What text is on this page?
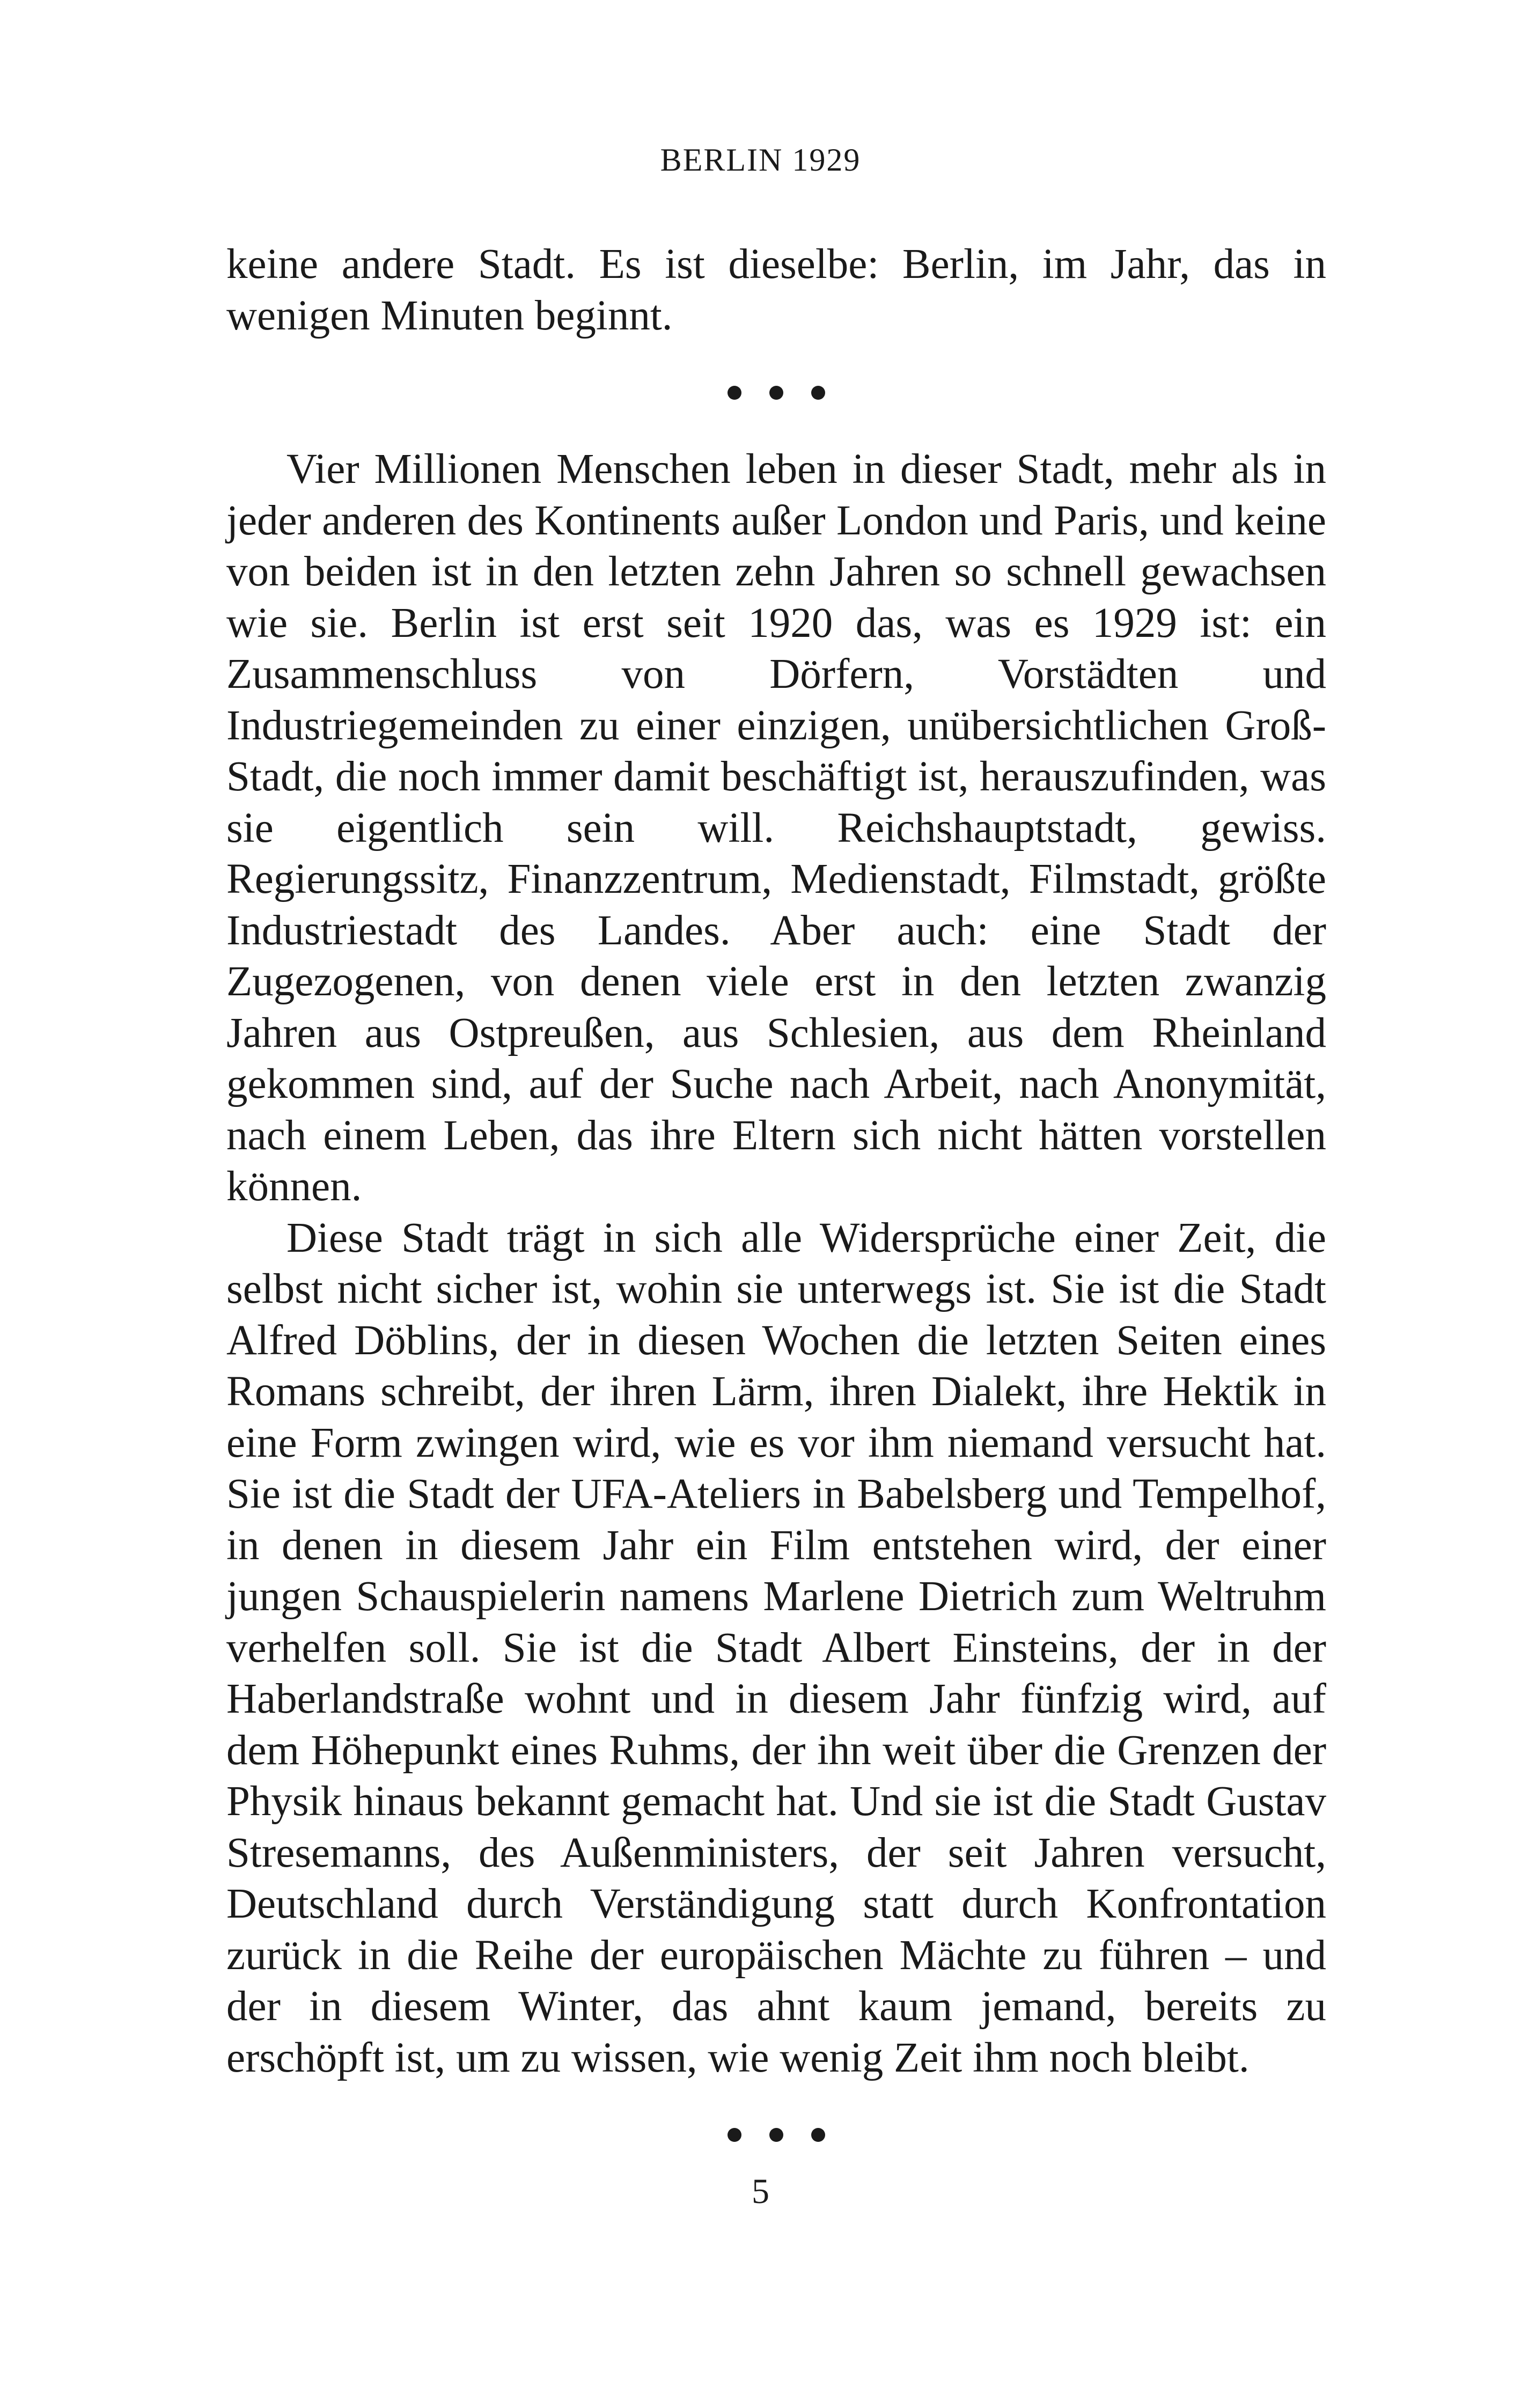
BERLIN 1929

keine andere Stadt. Es ist dieselbe: Berlin, im Jahr, das in wenigen Minuten beginnt.

Vier Millionen Menschen leben in dieser Stadt, mehr als in jeder anderen des Kontinents außer London und Paris, und keine von beiden ist in den letzten zehn Jahren so schnell gewachsen wie sie. Berlin ist erst seit 1920 das, was es 1929 ist: ein Zusammenschluss von Dörfern, Vorstädten und Industriegemeinden zu einer einzigen, unübersichtlichen Groß-Stadt, die noch immer damit beschäftigt ist, herauszufinden, was sie eigentlich sein will. Reichshauptstadt, gewiss. Regierungssitz, Finanzzentrum, Medienstadt, Filmstadt, größte Industriestadt des Landes. Aber auch: eine Stadt der Zugezogenen, von denen viele erst in den letzten zwanzig Jahren aus Ostpreußen, aus Schlesien, aus dem Rheinland gekommen sind, auf der Suche nach Arbeit, nach Anonymität, nach einem Leben, das ihre Eltern sich nicht hätten vorstellen können.

Diese Stadt trägt in sich alle Widersprüche einer Zeit, die selbst nicht sicher ist, wohin sie unterwegs ist. Sie ist die Stadt Alfred Döblins, der in diesen Wochen die letzten Seiten eines Romans schreibt, der ihren Lärm, ihren Dialekt, ihre Hektik in eine Form zwingen wird, wie es vor ihm niemand versucht hat. Sie ist die Stadt der UFA-Ateliers in Babelsberg und Tempelhof, in denen in diesem Jahr ein Film entstehen wird, der einer jungen Schauspielerin namens Marlene Dietrich zum Weltruhm verhelfen soll. Sie ist die Stadt Albert Einsteins, der in der Haberlandstraße wohnt und in diesem Jahr fünfzig wird, auf dem Höhepunkt eines Ruhms, der ihn weit über die Grenzen der Physik hinaus bekannt gemacht hat. Und sie ist die Stadt Gustav Stresemanns, des Außenministers, der seit Jahren versucht, Deutschland durch Verständigung statt durch Konfrontation zurück in die Reihe der europäischen Mächte zu führen – und der in diesem Winter, das ahnt kaum jemand, bereits zu erschöpft ist, um zu wissen, wie wenig Zeit ihm noch bleibt.

5
